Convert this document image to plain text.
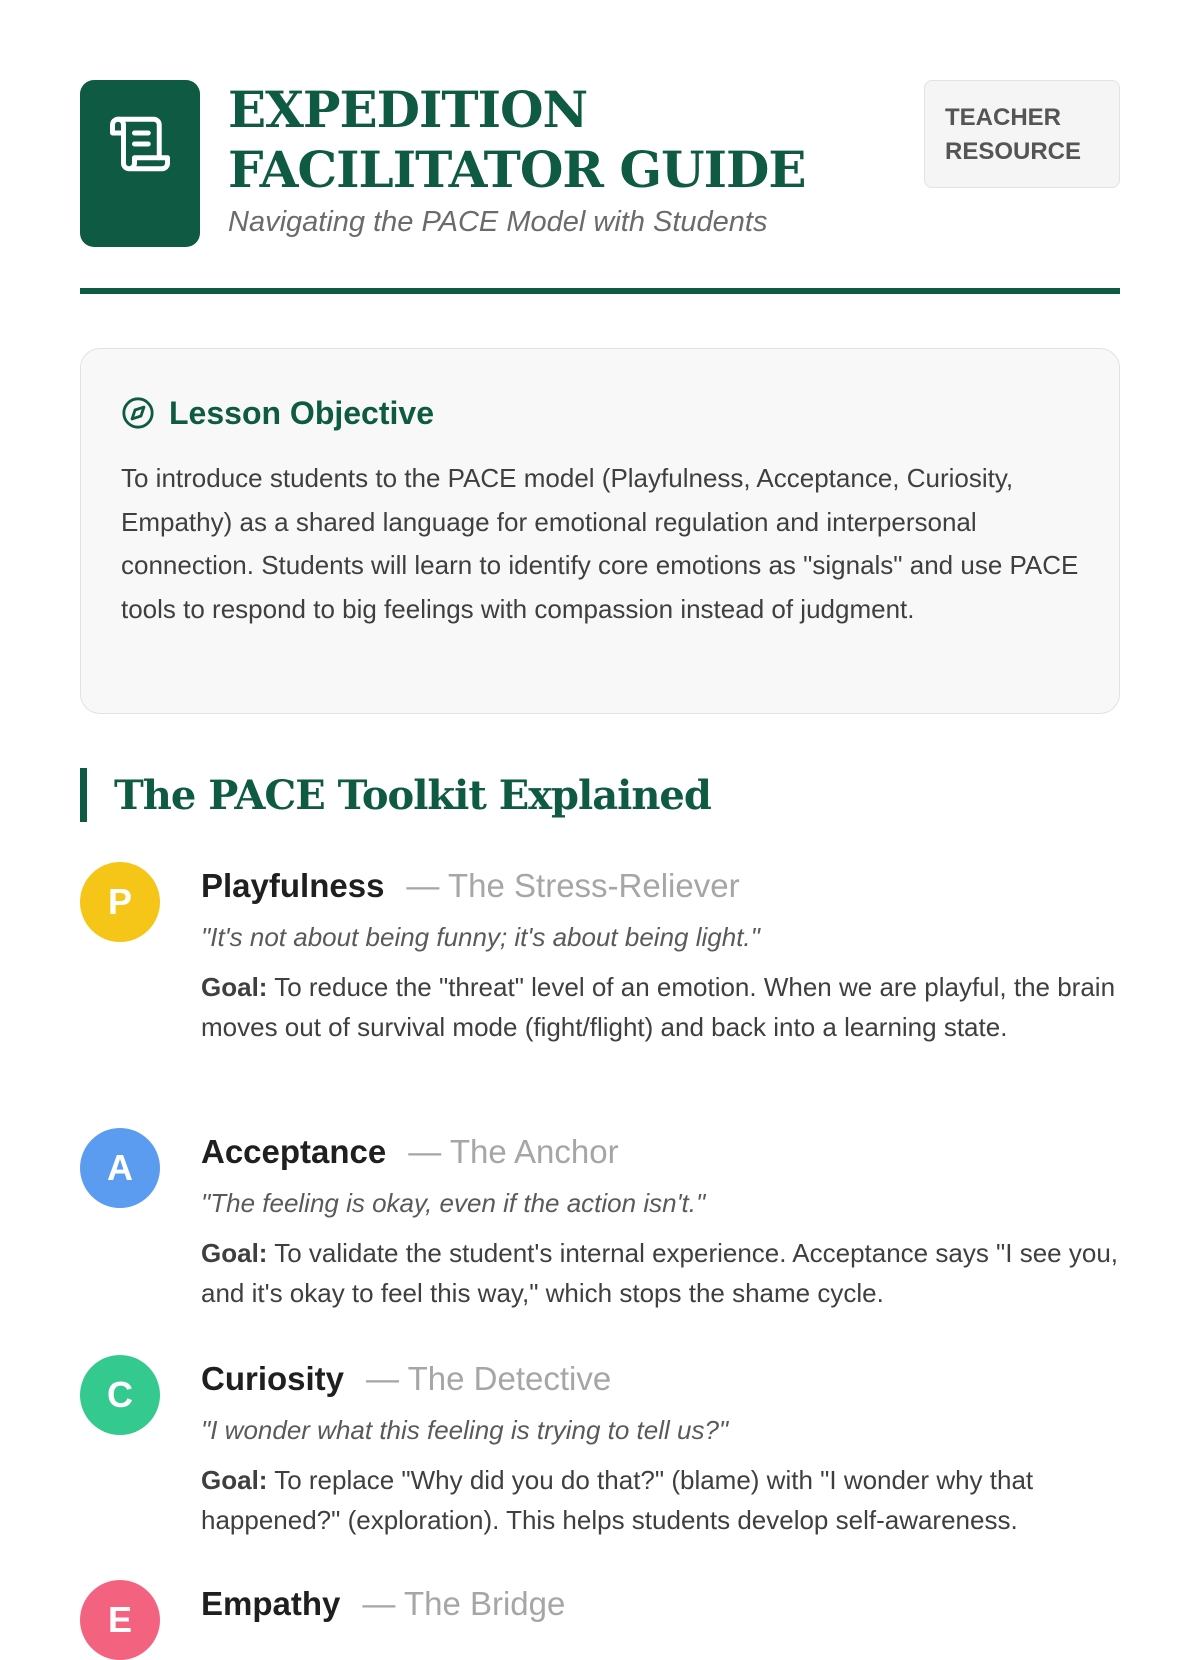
EXPEDITION
FACILITATOR GUIDE
Navigating the PACE Model with Students
TEACHER
RESOURCE
Lesson Objective
To introduce students to the PACE model (Playfulness, Acceptance, Curiosity, Empathy) as a shared language for emotional regulation and interpersonal connection. Students will learn to identify core emotions as "signals" and use PACE tools to respond to big feelings with compassion instead of judgment.
The PACE Toolkit Explained
P	Playfulness — The Stress-Reliever
"It's not about being funny; it's about being light."
Goal: To reduce the "threat" level of an emotion. When we are playful, the brain moves out of survival mode (fight/flight) and back into a learning state.
A	Acceptance — The Anchor
"The feeling is okay, even if the action isn't."
Goal: To validate the student's internal experience. Acceptance says "I see you, and it's okay to feel this way," which stops the shame cycle.
C	Curiosity — The Detective
"I wonder what this feeling is trying to tell us?"
Goal: To replace "Why did you do that?" (blame) with "I wonder why that happened?" (exploration). This helps students develop self-awareness.
E	Empathy — The Bridge
